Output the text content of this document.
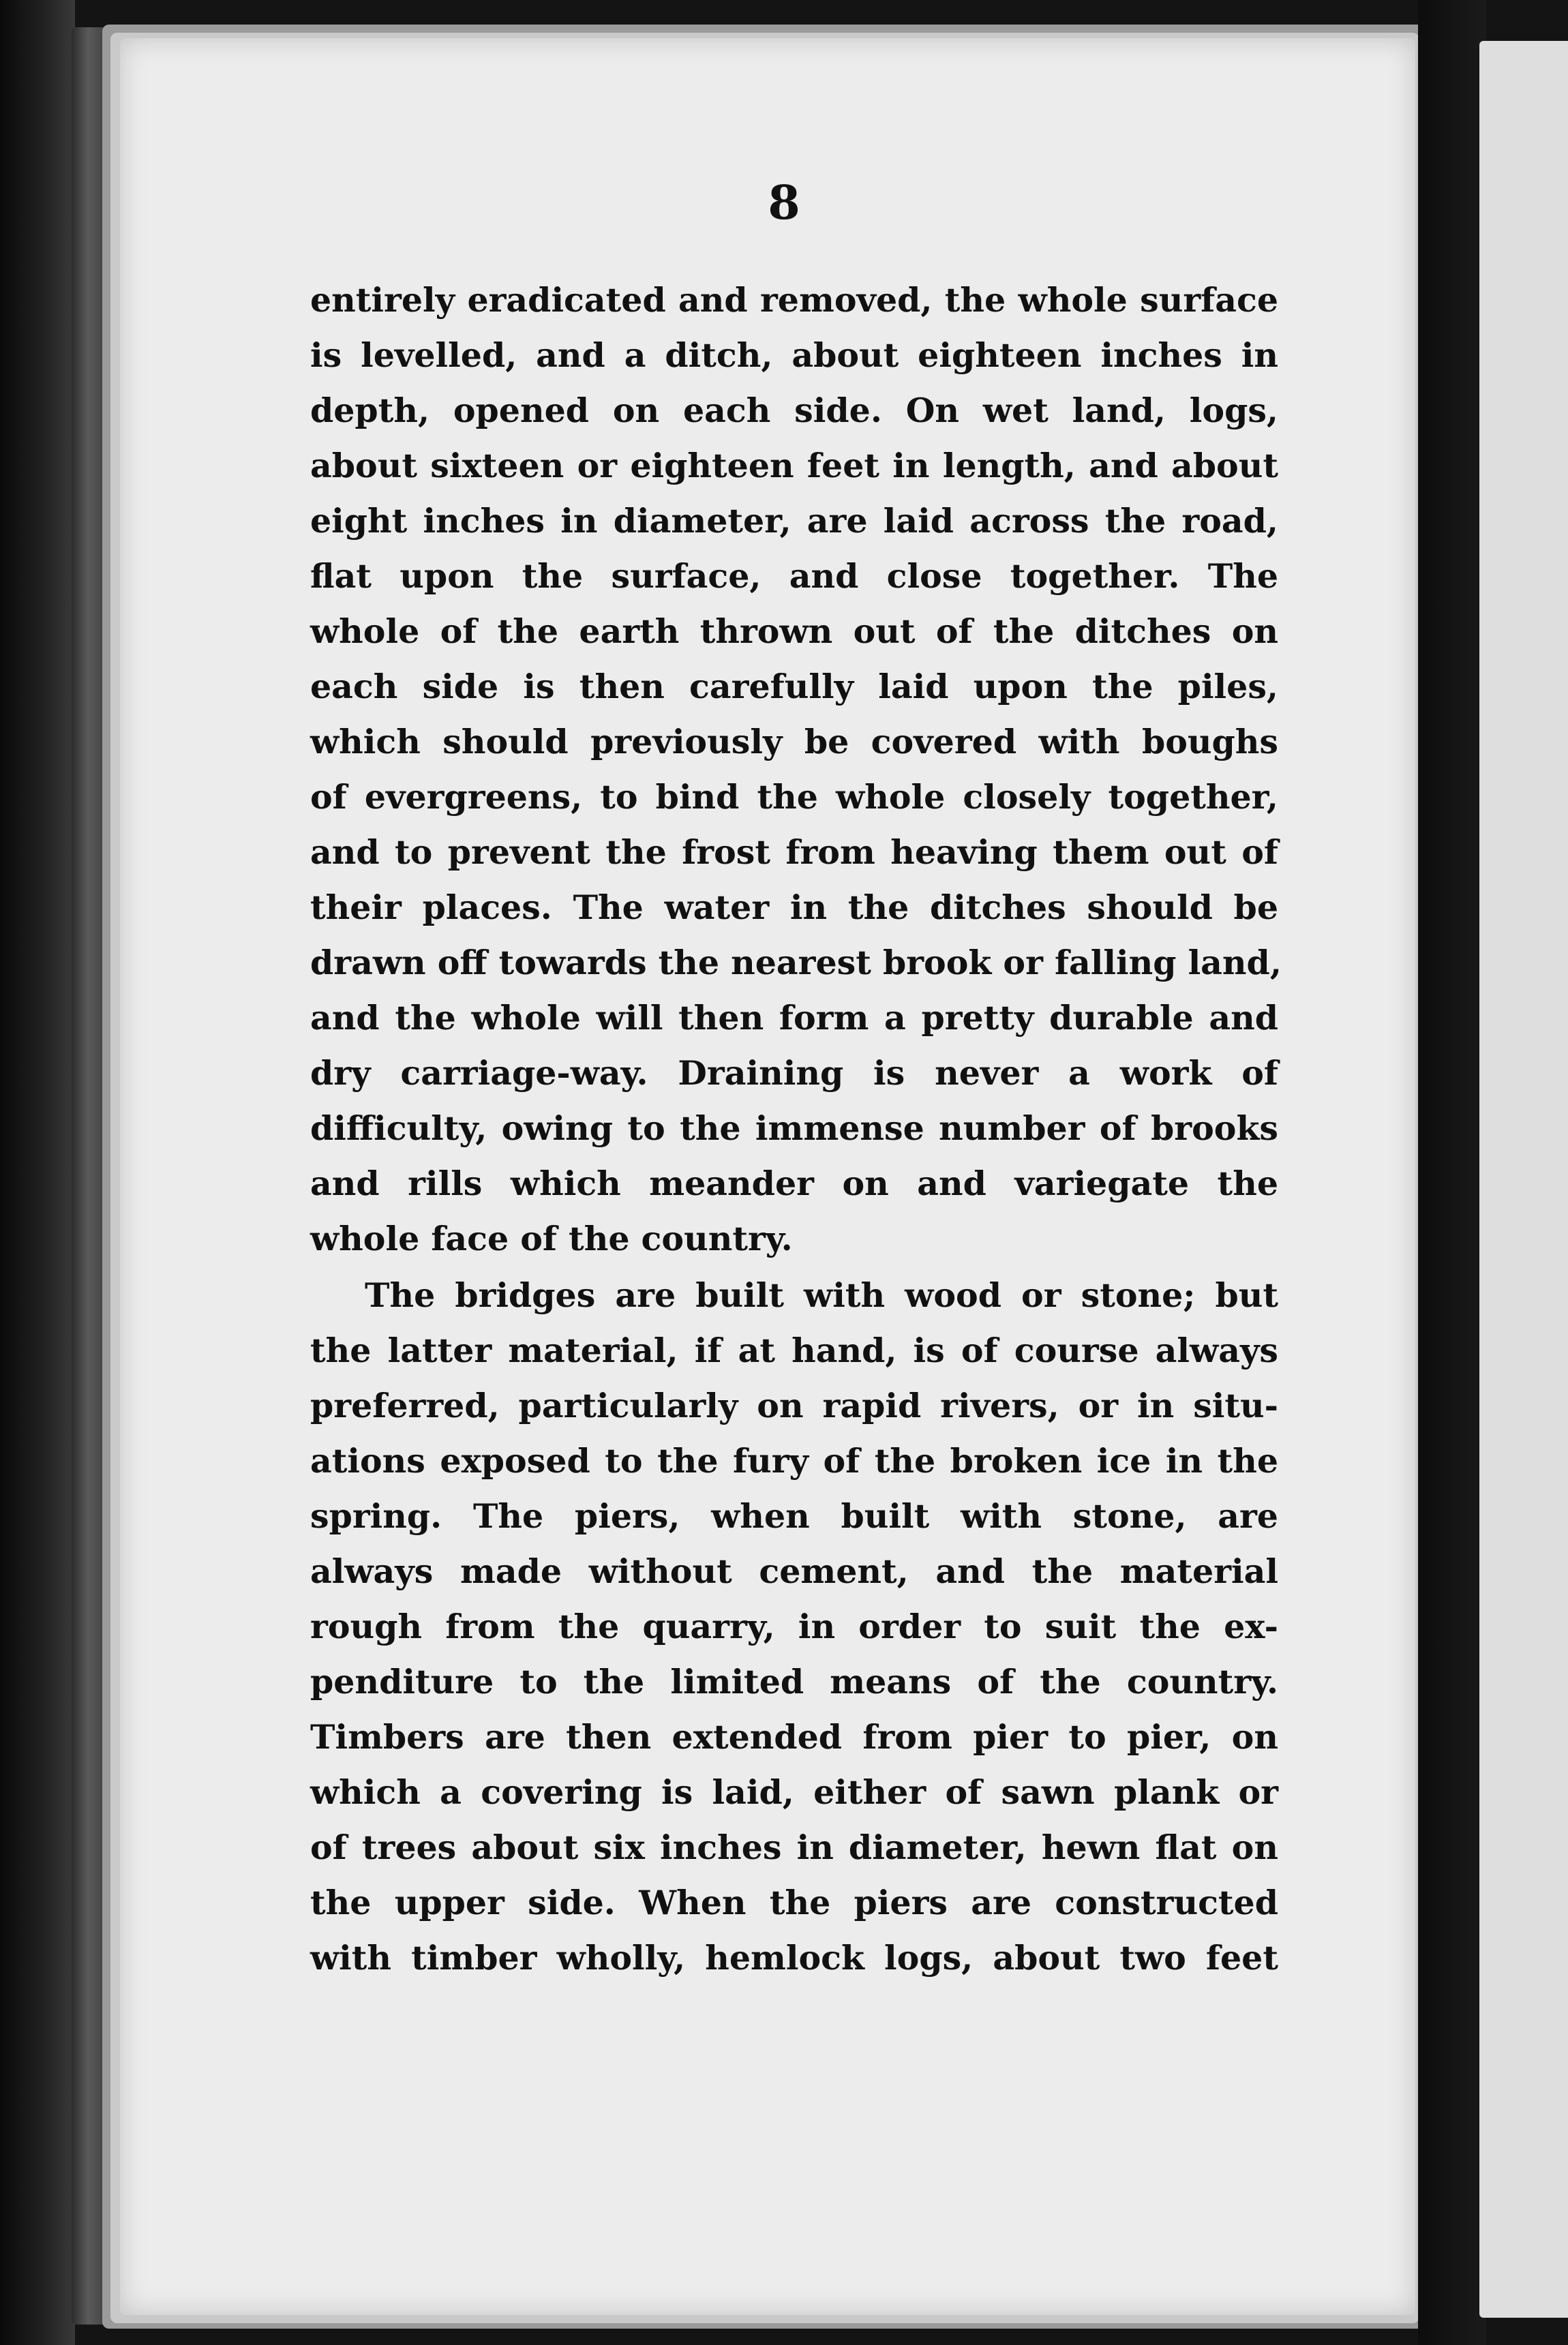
8
entirely eradicated and removed, the whole surface
is levelled, and a ditch, about eighteen inches in
depth, opened on each side. On wet land, logs,
about sixteen or eighteen feet in length, and about
eight inches in diameter, are laid across the road,
flat upon the surface, and close together. The
whole of the earth thrown out of the ditches on
each side is then carefully laid upon the piles,
which should previously be covered with boughs
of evergreens, to bind the whole closely together,
and to prevent the frost from heaving them out of
their places. The water in the ditches should be
drawn off towards the nearest brook or falling land,
and the whole will then form a pretty durable and
dry carriage-way. Draining is never a work of
difficulty, owing to the immense number of brooks
and rills which meander on and variegate the
whole face of the country.
The bridges are built with wood or stone; but
the latter material, if at hand, is of course always
preferred, particularly on rapid rivers, or in situ-
ations exposed to the fury of the broken ice in the
spring. The piers, when built with stone, are
always made without cement, and the material
rough from the quarry, in order to suit the ex-
penditure to the limited means of the country.
Timbers are then extended from pier to pier, on
which a covering is laid, either of sawn plank or
of trees about six inches in diameter, hewn flat on
the upper side. When the piers are constructed
with timber wholly, hemlock logs, about two feet
